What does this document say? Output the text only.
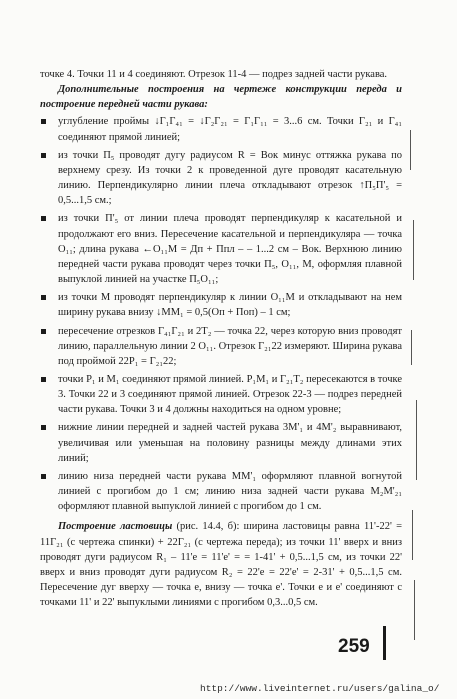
точке 4. Точки 11 и 4 соединяют. Отрезок 11-4 — подрез задней части рукава.

Дополнительные построения на чертеже конструкции переда и построение передней части рукава:

углубление проймы ↓Г₁Г₄₁ = ↓Г₂Г₂₁ = Г₁Г₁₁ = 3...6 см. Точки Г₂₁ и Г₄₁ соединяют прямой линией;

из точки П₅ проводят дугу радиусом R = Вок минус оттяжка рукава по верхнему срезу. Из точки 2 к проведенной дуге проводят касательную линию. Перпендикулярно линии плеча откладывают отрезок ↑П₅П'₅ = 0,5...1,5 см.;

из точки П'₅ от линии плеча проводят перпендикуляр к касательной и продолжают его вниз. Пересечение касательной и перпендикуляра — точка O₁₁; длина рукава ←O₁₁M = Дп + Ппл – – 1...2 см – Вок. Верхнюю линию передней части рукава проводят через точки П₅, O₁₁, M, оформляя плавной выпуклой линией на участке П₅O₁₁;

из точки M проводят перпендикуляр к линии O₁₁M и откладывают на нем ширину рукава внизу ↓MM₁ = 0,5(Оп + Поп) – 1 см;

пересечение отрезков Г₄₁Г₂₁ и 2Т₂ — точка 22, через которую вниз проводят линию, параллельную линии 2 O₁₁. Отрезок Г₂₁22 измеряют. Ширина рукава под проймой 22P₁ = Г₂₁22;

точки P₁ и M₁ соединяют прямой линией. P₁M₁ и Г₂₁Т₂ пересекаются в точке 3. Точки 22 и 3 соединяют прямой линией. Отрезок 22-3 — подрез передней части рукава. Точки 3 и 4 должны находиться на одном уровне;

нижние линии передней и задней частей рукава 3M'₁ и 4M'₂ выравнивают, увеличивая или уменьшая на половину разницы между длинами этих линий;

линию низа передней части рукава MM'₁ оформляют плавной вогнутой линией с прогибом до 1 см; линию низа задней части рукава M₂M'₂₁ оформляют плавной выпуклой линией с прогибом до 1 см.

Построение ластовицы (рис. 14.4, б): ширина ластовицы равна 11'-22' = 11Г₂₁ (с чертежа спинки) + 22Г₂₁ (с чертежа переда); из точки 11' вверх и вниз проводят дуги радиусом R₁ – 11'e = 11'e' = = 1-41' + 0,5...1,5 см, из точки 22' вверх и вниз проводят дуги радиусом R₂ = 22'e = 22'e' = 2-31' + 0,5...1,5 см. Пересечение дуг вверху — точка e, внизу — точка e'. Точки e и e' соединяют с точками 11' и 22' выпуклыми линиями с прогибом 0,3...0,5 см.

259
http://www.liveinternet.ru/users/galina_o/
